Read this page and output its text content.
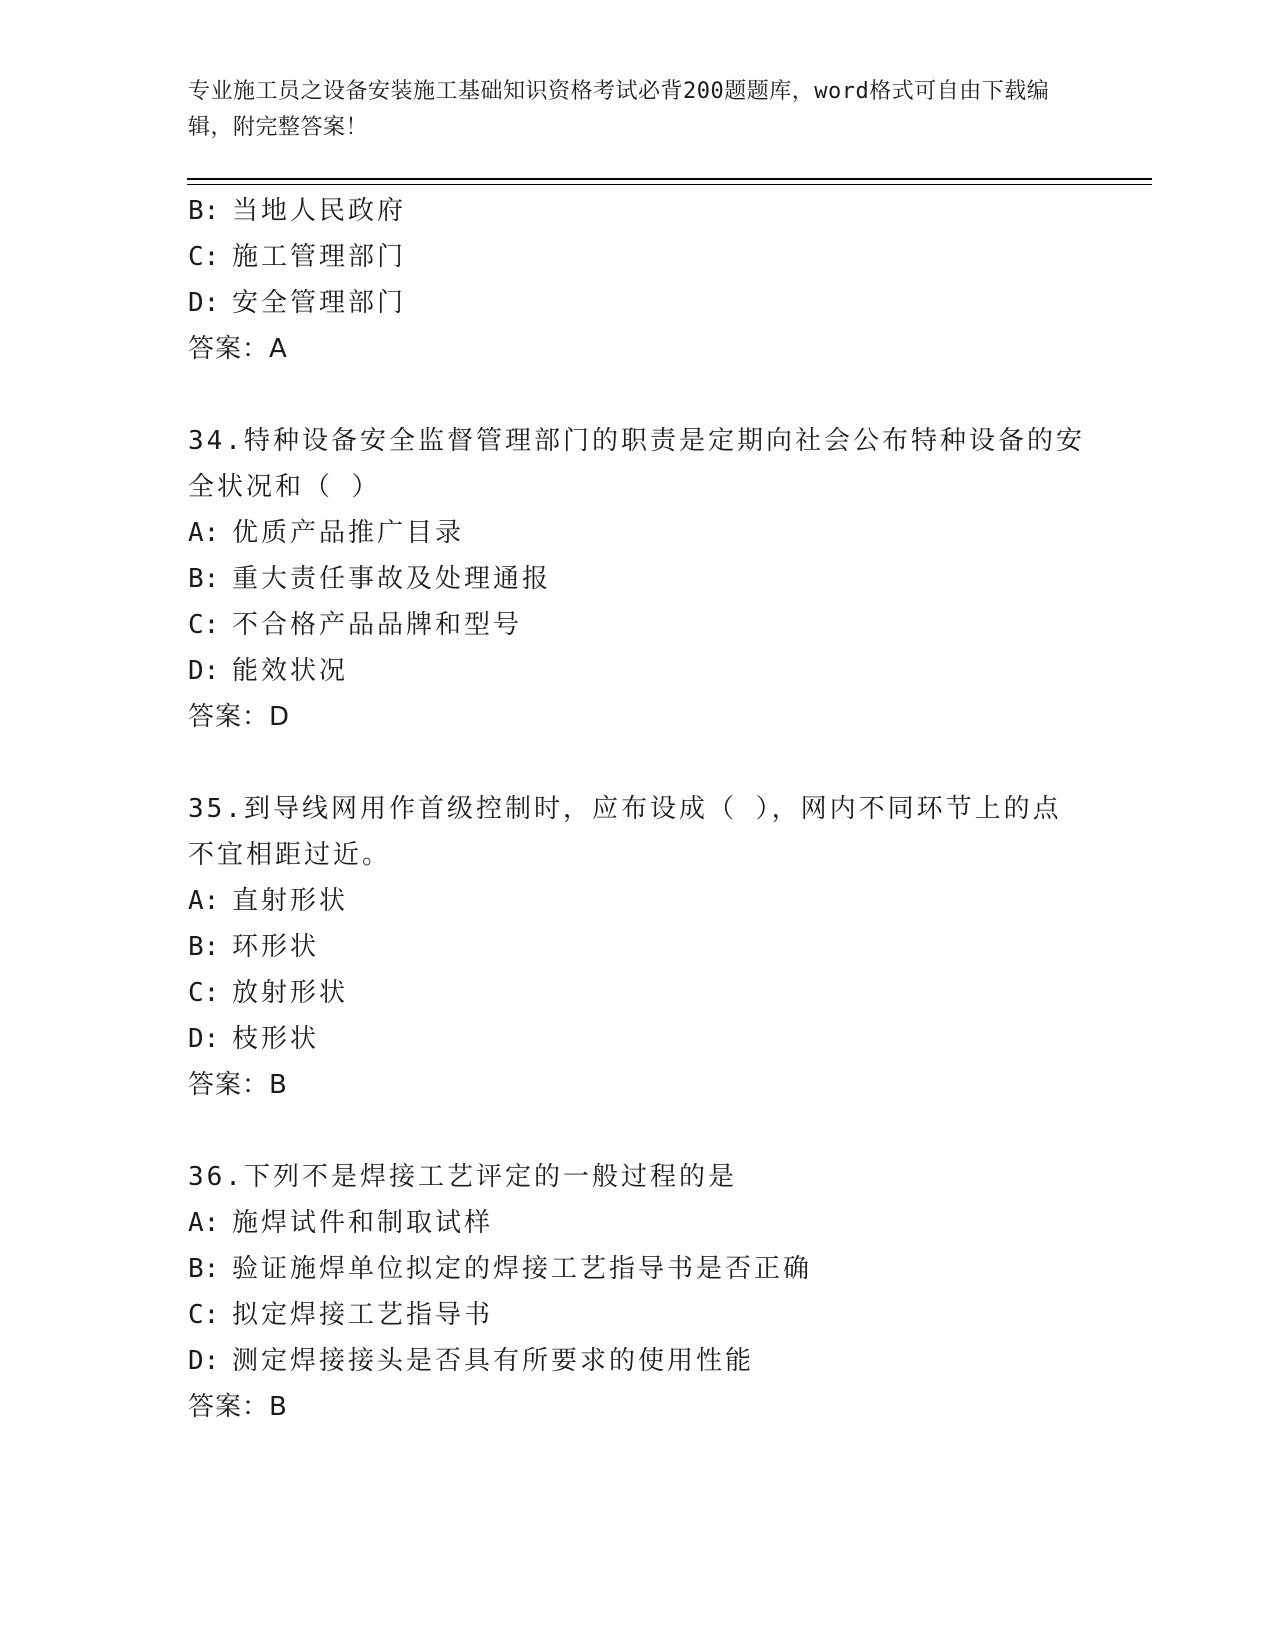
专业施工员之设备安装施工基础知识资格考试必背200题题库，word格式可自由下载编辑，附完整答案！
B: 当地人民政府
C: 施工管理部门
D: 安全管理部门
答案：A
34.特种设备安全监督管理部门的职责是定期向社会公布特种设备的安全状况和（ ）
A: 优质产品推广目录
B: 重大责任事故及处理通报
C: 不合格产品品牌和型号
D: 能效状况
答案：D
35.到导线网用作首级控制时，应布设成（ ），网内不同环节上的点不宜相距过近。
A: 直射形状
B: 环形状
C: 放射形状
D: 枝形状
答案：B
36.下列不是焊接工艺评定的一般过程的是
A: 施焊试件和制取试样
B: 验证施焊单位拟定的焊接工艺指导书是否正确
C: 拟定焊接工艺指导书
D: 测定焊接接头是否具有所要求的使用性能
答案：B
